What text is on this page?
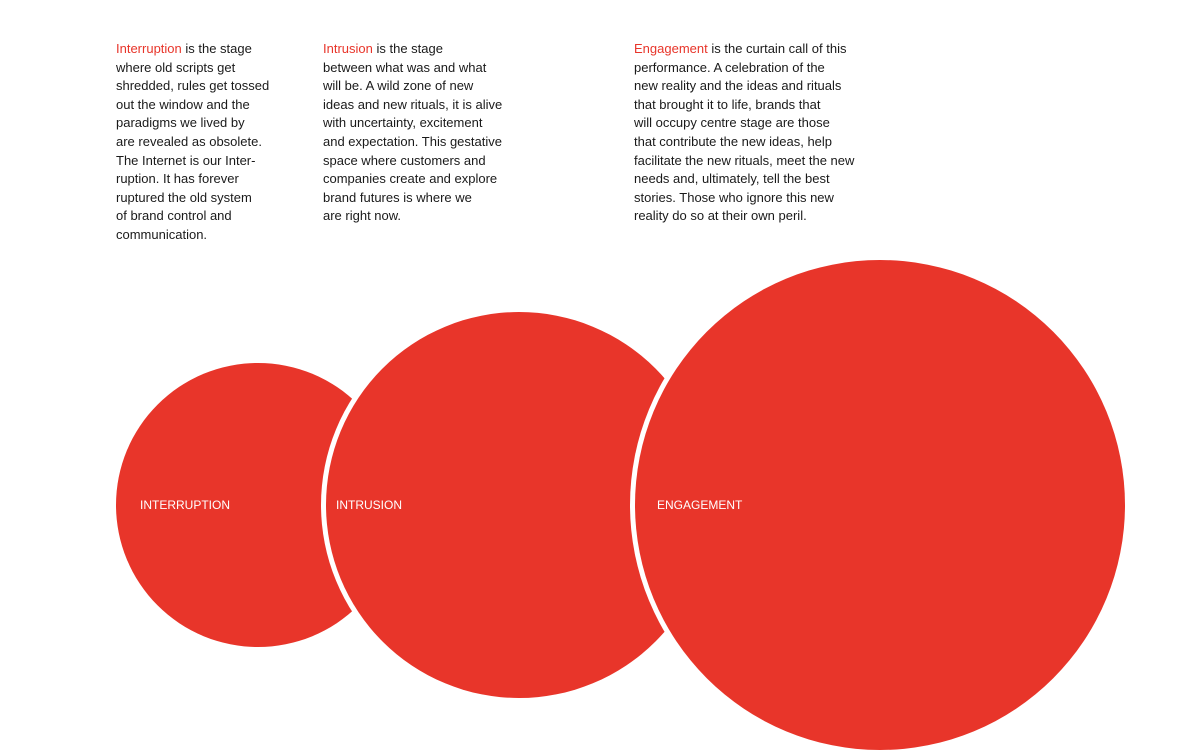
Interruption is the stage
where old scripts get
shredded, rules get tossed
out the window and the
paradigms we lived by
are revealed as obsolete.
The Internet is our Inter-
ruption. It has forever
ruptured the old system
of brand control and
communication.

Intrusion is the stage
between what was and what
will be. A wild zone of new
ideas and new rituals, it is alive
with uncertainty, excitement
and expectation. This gestative
space where customers and
companies create and explore
brand futures is where we
are right now.

Engagement is the curtain call of this
performance. A celebration of the
new reality and the ideas and rituals
that brought it to life, brands that
will occupy centre stage are those
that contribute the new ideas, help
facilitate the new rituals, meet the new
needs and, ultimately, tell the best
stories. Those who ignore this new
reality do so at their own peril.

INTERRUPTION	INTRUSION	ENGAGEMENT
